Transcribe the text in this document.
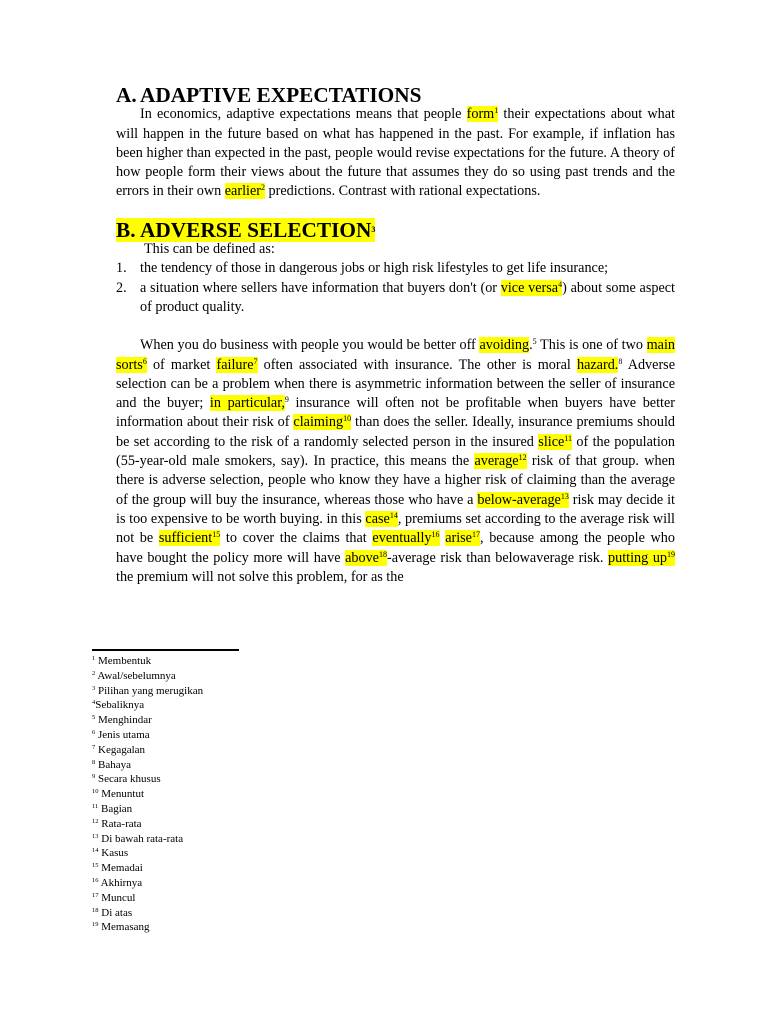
A. ADAPTIVE EXPECTATIONS

In economics, adaptive expectations means that people form$^1$ their expectations about what will happen in the future based on what has happened in the past. For example, if inflation has been higher than expected in the past, people would revise expectations for the future. A theory of how people form their views about the future that assumes they do so using past trends and the errors in their own earlier$^2$ predictions. Contrast with rational expectations.

B. ADVERSE SELECTION$^3$

This can be defined as:

1. the tendency of those in dangerous jobs or high risk lifestyles to get life insurance;
2. a situation where sellers have information that buyers don't (or vice versa$^4$) about some aspect of product quality.

When you do business with people you would be better off avoiding.$^5$ This is one of two main sorts$^6$ of market failure$^7$ often associated with insurance. The other is moral hazard.$^8$ Adverse selection can be a problem when there is asymmetric information between the seller of insurance and the buyer; in particular,$^9$ insurance will often not be profitable when buyers have better information about their risk of claiming$^{10}$ than does the seller. Ideally, insurance premiums should be set according to the risk of a randomly selected person in the insured slice$^{11}$ of the population (55-year-old male smokers, say). In practice, this means the average$^{12}$ risk of that group. when there is adverse selection, people who know they have a higher risk of claiming than the average of the group will buy the insurance, whereas those who have a below-average$^{13}$ risk may decide it is too expensive to be worth buying. in this case$^{14}$, premiums set according to the average risk will not be sufficient$^{15}$ to cover the claims that eventually$^{16}$ arise$^{17}$, because among the people who have bought the policy more will have above$^{18}$-average risk than belowaverage risk. putting $up^{19}$ the premium will not solve this problem, for as the

$^1$ Membentuk
$^2$ Awal/sebelumnya
$^3$ Pilihan yang merugikan
$^4$Sebaliknya
$^5$ Menghindar
$^6$ Jenis utama
$^7$ Kegagalan
$^8$ Bahaya
$^9$ Secara khusus
$^{10}$ Menuntut
$^{11}$ Bagian
$^{12}$ Rata-rata
$^{13}$ Di bawah rata-rata
$^{14}$ Kasus
$^{15}$ Memadai
$^{16}$ Akhirnya
$^{17}$ Muncul
$^{18}$ Di atas
$^{19}$ Memasang
